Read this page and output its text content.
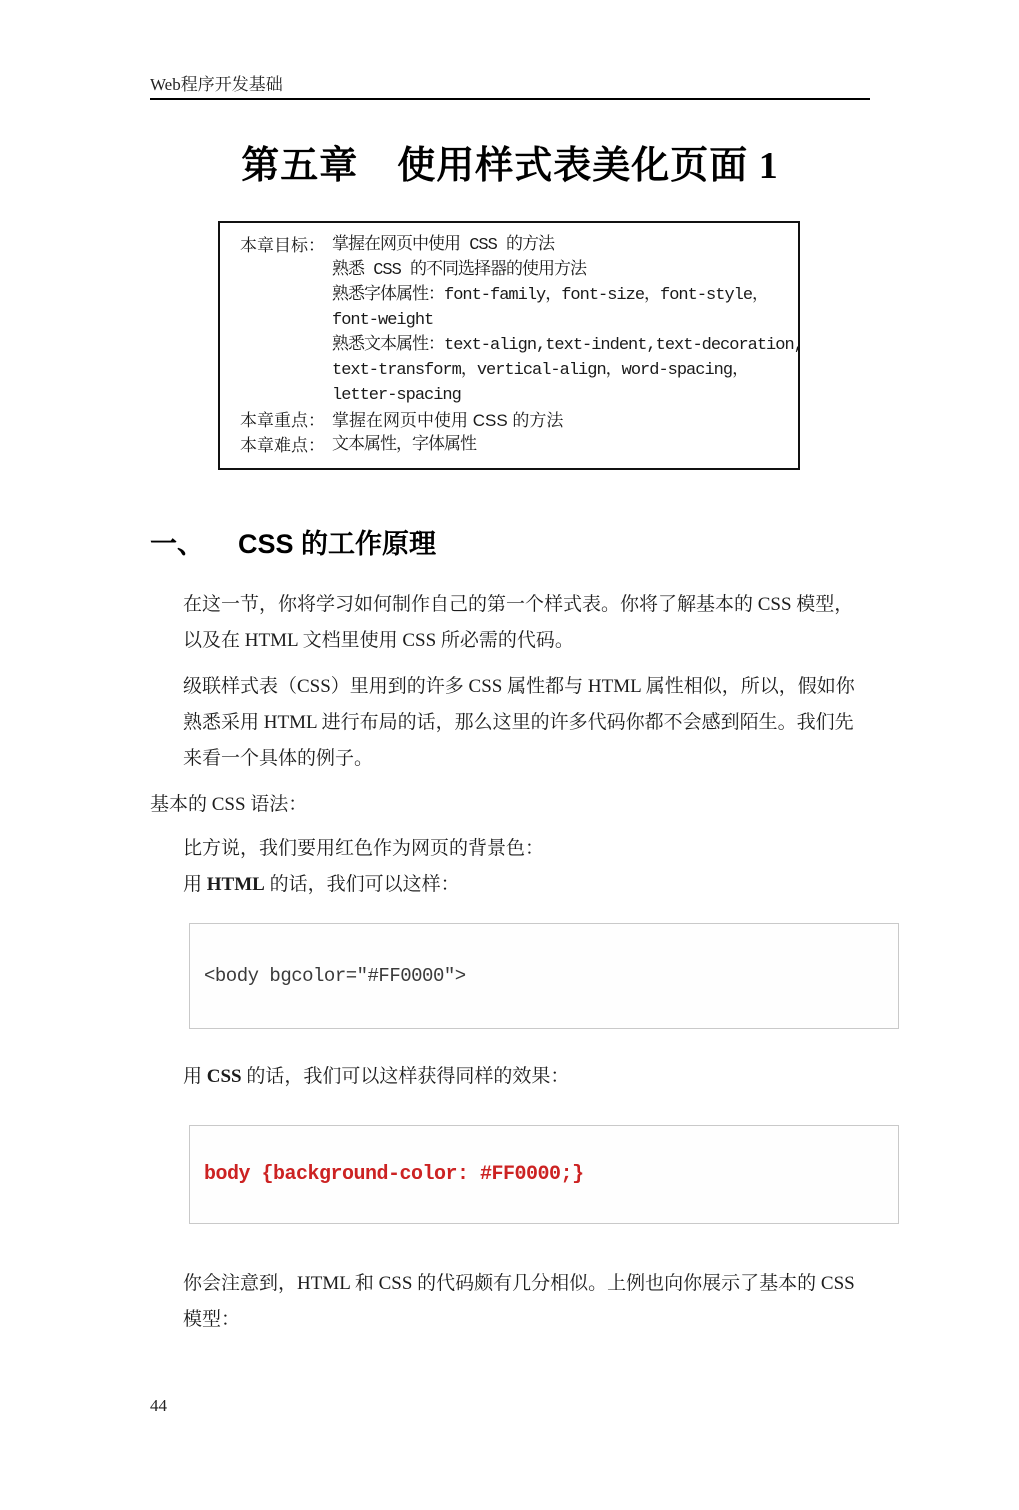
Web程序开发基础
第五章　使用样式表美化页面 1
本章目标： 掌握在网页中使用 CSS 的方法
熟悉 CSS 的不同选择器的使用方法
熟悉字体属性：font-family，font-size，font-style，
font-weight
熟悉文本属性：text-align,text-indent,text-decoration,
text-transform，vertical-align，word-spacing，
letter-spacing
本章重点： 掌握在网页中使用 CSS 的方法
本章难点： 文本属性，字体属性
一、 CSS 的工作原理

在这一节，你将学习如何制作自己的第一个样式表。你将了解基本的 CSS 模型，以及在 HTML 文档里使用 CSS 所必需的代码。

级联样式表（CSS）里用到的许多 CSS 属性都与 HTML 属性相似，所以，假如你熟悉采用 HTML 进行布局的话，那么这里的许多代码你都不会感到陌生。我们先来看一个具体的例子。

基本的 CSS 语法：

比方说，我们要用红色作为网页的背景色：
用 HTML 的话，我们可以这样：
<body bgcolor="#FF0000">
用 CSS 的话，我们可以这样获得同样的效果：
body {background-color: #FF0000;}

你会注意到，HTML 和 CSS 的代码颇有几分相似。上例也向你展示了基本的 CSS 模型：

44
